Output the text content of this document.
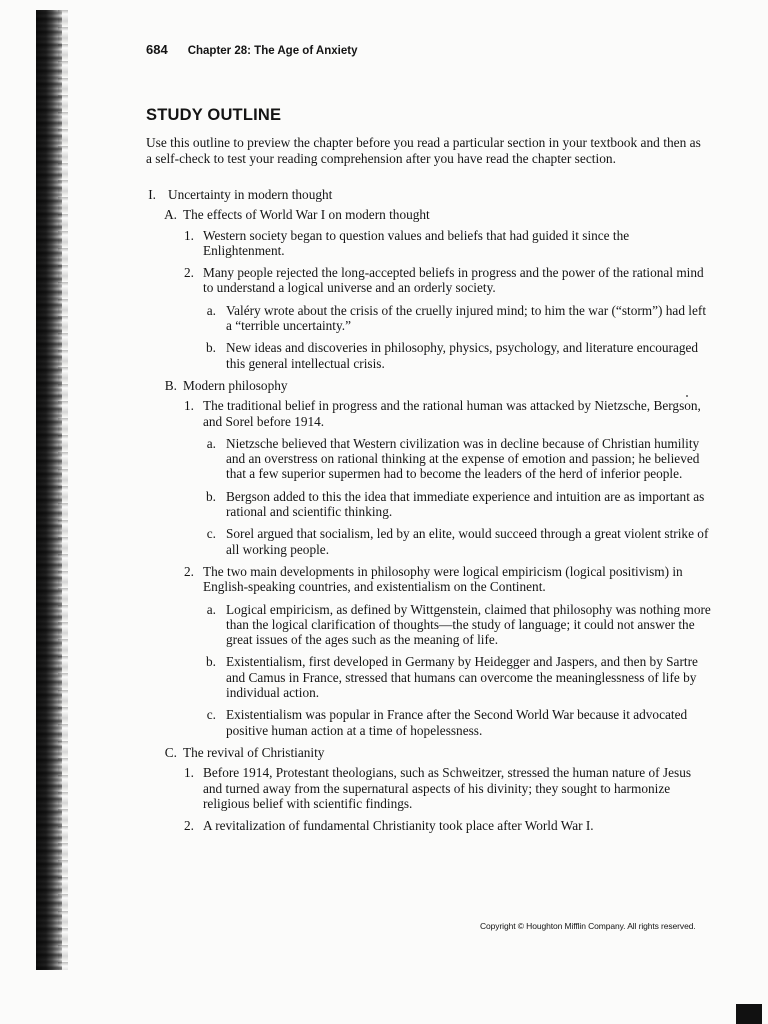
684 Chapter 28: The Age of Anxiety
STUDY OUTLINE

Use this outline to preview the chapter before you read a particular section in your textbook and then as a self-check to test your reading comprehension after you have read the chapter section.

I. Uncertainty in modern thought
A. The effects of World War I on modern thought
1. Western society began to question values and beliefs that had guided it since the Enlightenment.
2. Many people rejected the long-accepted beliefs in progress and the power of the rational mind to understand a logical universe and an orderly society.
a. Valéry wrote about the crisis of the cruelly injured mind; to him the war (“storm”) had left a “terrible uncertainty.”
b. New ideas and discoveries in philosophy, physics, psychology, and literature encouraged this general intellectual crisis.
B. Modern philosophy
1. The traditional belief in progress and the rational human was attacked by Nietzsche, Bergson, and Sorel before 1914.
a. Nietzsche believed that Western civilization was in decline because of Christian humility and an overstress on rational thinking at the expense of emotion and passion; he believed that a few superior supermen had to become the leaders of the herd of inferior people.
b. Bergson added to this the idea that immediate experience and intuition are as important as rational and scientific thinking.
c. Sorel argued that socialism, led by an elite, would succeed through a great violent strike of all working people.
2. The two main developments in philosophy were logical empiricism (logical positivism) in English-speaking countries, and existentialism on the Continent.
a. Logical empiricism, as defined by Wittgenstein, claimed that philosophy was nothing more than the logical clarification of thoughts—the study of language; it could not answer the great issues of the ages such as the meaning of life.
b. Existentialism, first developed in Germany by Heidegger and Jaspers, and then by Sartre and Camus in France, stressed that humans can overcome the meaninglessness of life by individual action.
c. Existentialism was popular in France after the Second World War because it advocated positive human action at a time of hopelessness.
C. The revival of Christianity
1. Before 1914, Protestant theologians, such as Schweitzer, stressed the human nature of Jesus and turned away from the supernatural aspects of his divinity; they sought to harmonize religious belief with scientific findings.
2. A revitalization of fundamental Christianity took place after World War I.
Copyright © Houghton Mifflin Company. All rights reserved.
